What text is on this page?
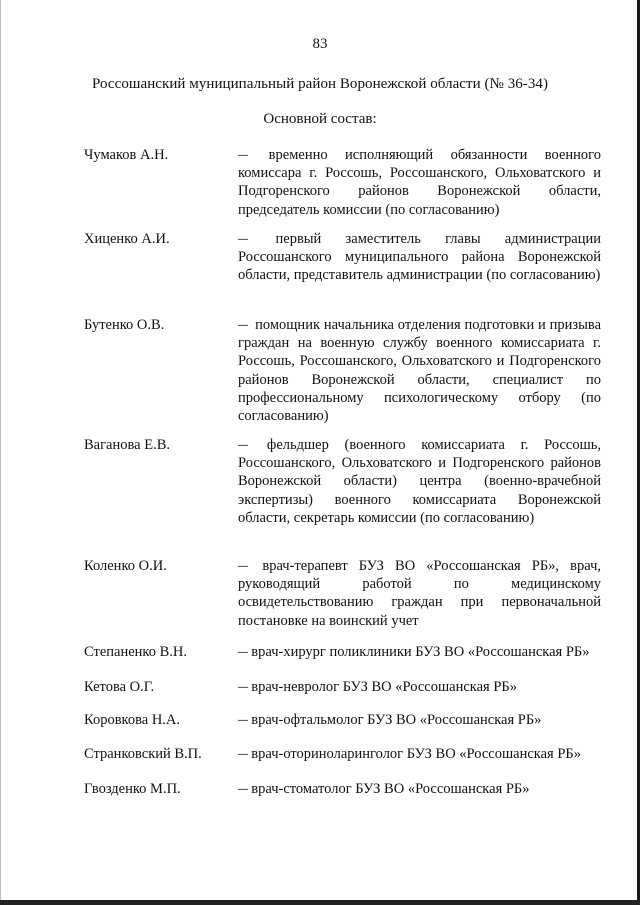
83
Россошанский муниципальный район Воронежской области (№ 36-34)
Основной состав:
Чумаков А.Н.	– временно исполняющий обязанности военного комиссара г. Россошь, Россошанского, Ольховатского и Подгоренского районов Воронежской области, председатель комиссии (по согласованию)
Хиценко А.И.	– первый заместитель главы администрации Россошанского муниципального района Воронежской области, представитель администрации (по согласованию)
Бутенко О.В.	– помощник начальника отделения подготовки и призыва граждан на военную службу военного комиссариата г. Россошь, Россошанского, Ольховатского и Подгоренского районов Воронежской области, специалист по профессиональному психологическому отбору (по согласованию)
Ваганова Е.В.	– фельдшер (военного комиссариата г. Россошь, Россошанского, Ольховатского и Подгоренского районов Воронежской области) центра (военно-врачебной экспертизы) военного комиссариата Воронежской области, секретарь комиссии (по согласованию)
Коленко О.И.	– врач-терапевт БУЗ ВО «Россошанская РБ», врач, руководящий работой по медицинскому освидетельствованию граждан при первоначальной постановке на воинский учет
Степаненко В.Н.	– врач-хирург поликлиники БУЗ ВО «Россошанская РБ»
Кетова О.Г.	– врач-невролог БУЗ ВО «Россошанская РБ»
Коровкова Н.А.	– врач-офтальмолог БУЗ ВО «Россошанская РБ»
Странковский В.П.	– врач-оториноларинголог БУЗ ВО «Россошанская РБ»
Гвозденко М.П.	– врач-стоматолог БУЗ ВО «Россошанская РБ»
